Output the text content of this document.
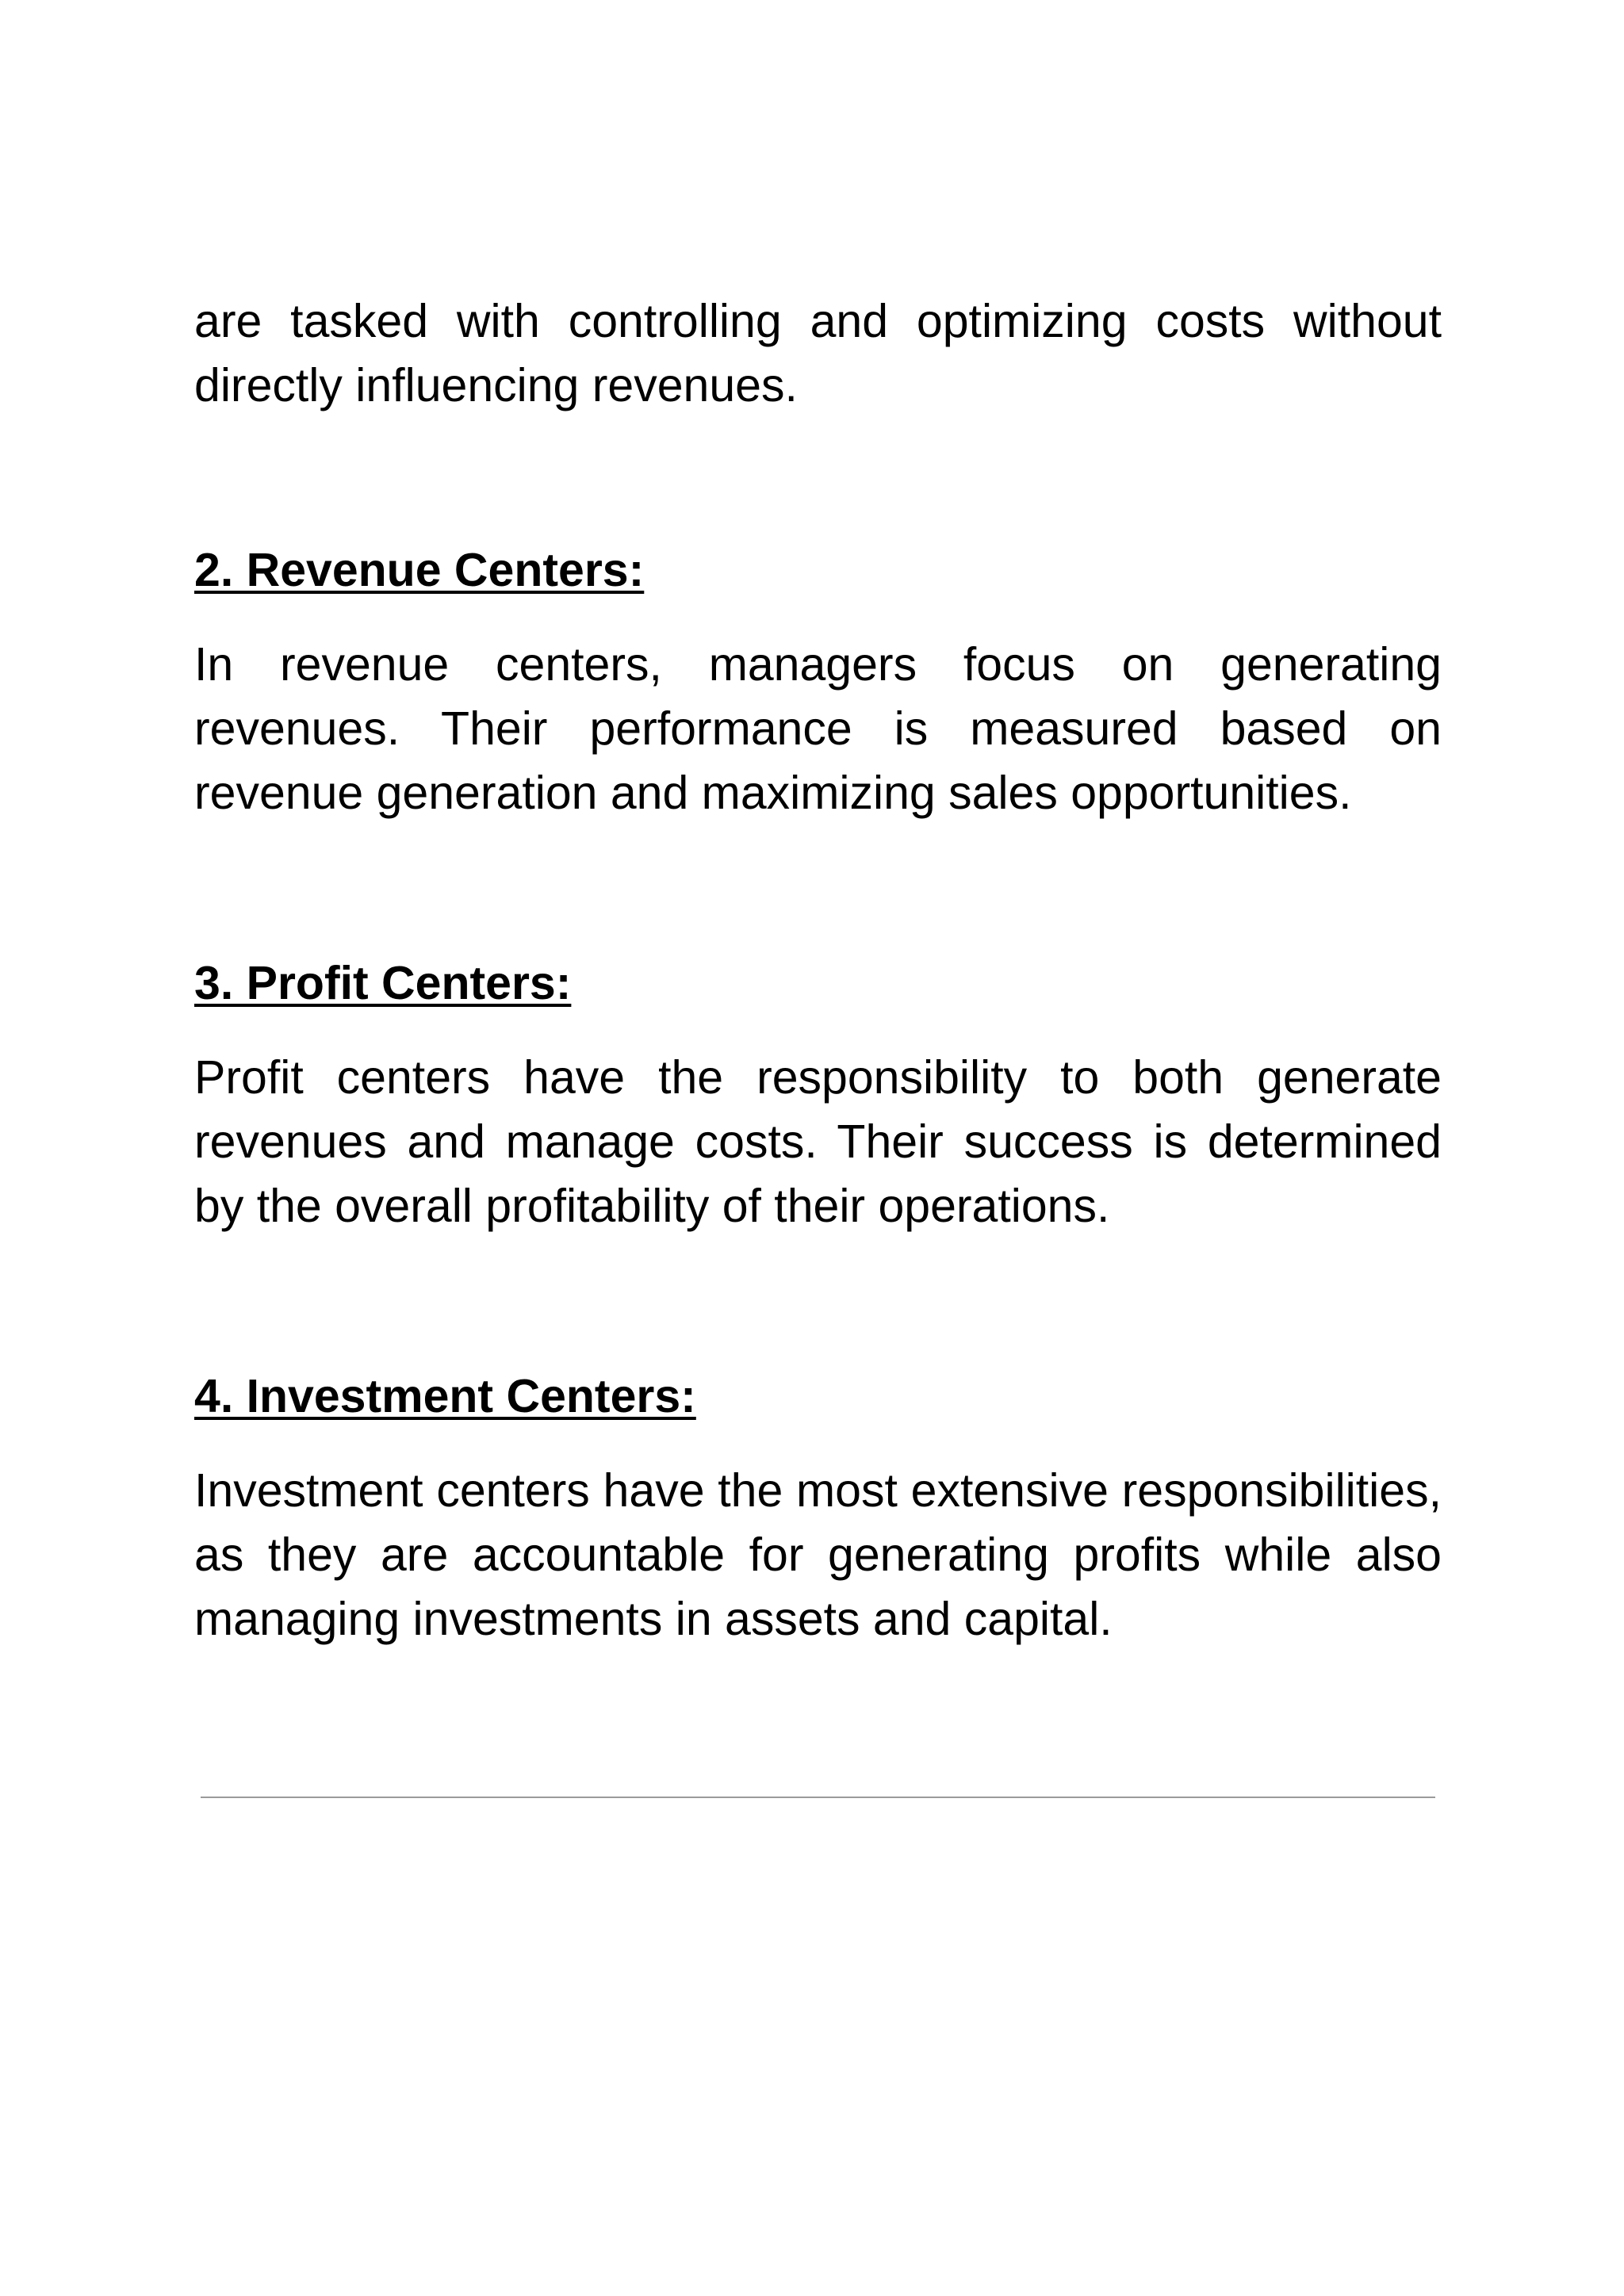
are tasked with controlling and optimizing costs without directly influencing revenues.

2. Revenue Centers:

In revenue centers, managers focus on generating revenues. Their performance is measured based on revenue generation and maximizing sales opportunities.

3. Profit Centers:

Profit centers have the responsibility to both generate revenues and manage costs. Their success is determined by the overall profitability of their operations.

4. Investment Centers:

Investment centers have the most extensive responsibilities, as they are accountable for generating profits while also managing investments in assets and capital.
